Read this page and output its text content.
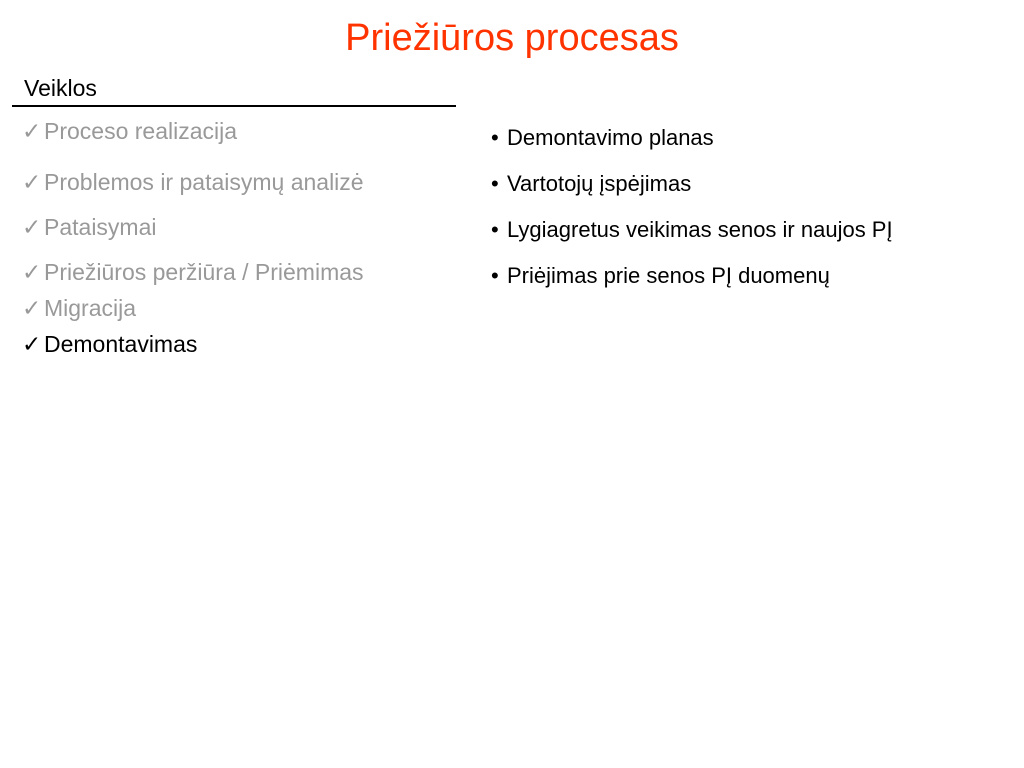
Priežiūros procesas
Veiklos
✓ Proceso realizacija
✓ Problemos ir pataisymų analizė
✓ Pataisymai
✓ Priežiūros peržiūra / Priėmimas
✓ Migracija
✓ Demontavimas
• Demontavimo planas
• Vartotojų įspėjimas
• Lygiagretus veikimas senos ir naujos PĮ
• Priėjimas prie senos PĮ duomenų
